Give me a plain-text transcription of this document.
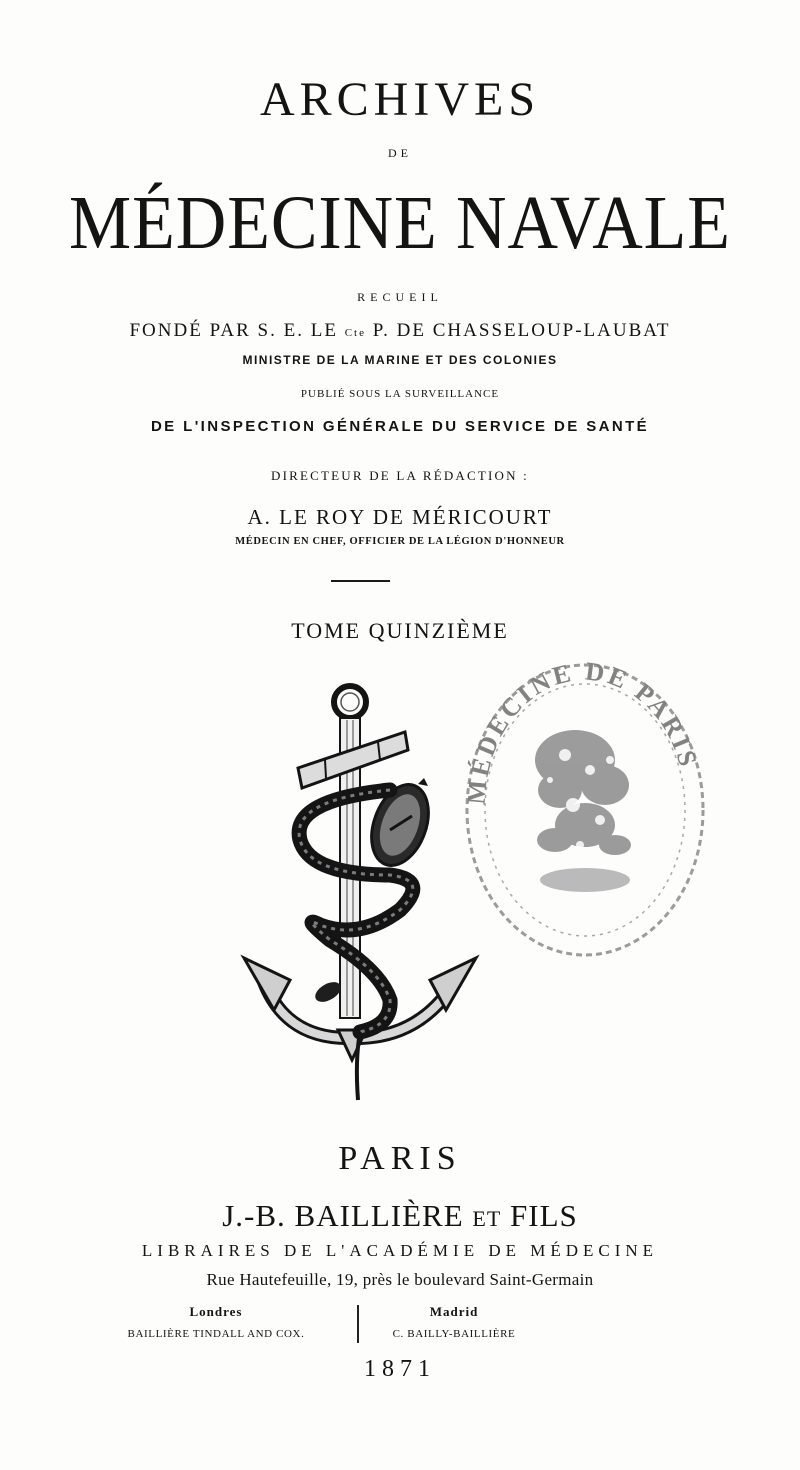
ARCHIVES
DE
MÉDECINE NAVALE
RECUEIL
FONDÉ PAR S. E. LE Cte P. DE CHASSELOUP-LAUBAT
MINISTRE DE LA MARINE ET DES COLONIES
PUBLIÉ SOUS LA SURVEILLANCE
DE L'INSPECTION GÉNÉRALE DU SERVICE DE SANTÉ
DIRECTEUR DE LA RÉDACTION :
A. LE ROY DE MÉRICOURT
MÉDECIN EN CHEF, OFFICIER DE LA LÉGION D'HONNEUR
TOME QUINZIÈME
MÉDECINE DE PARIS
PARIS
J.-B. BAILLIÈRE ET FILS
LIBRAIRES DE L'ACADÉMIE DE MÉDECINE
Rue Hautefeuille, 19, près le boulevard Saint-Germain
Londres
BAILLIÈRE TINDALL AND COX.
Madrid
C. BAILLY-BAILLIÈRE
1871
